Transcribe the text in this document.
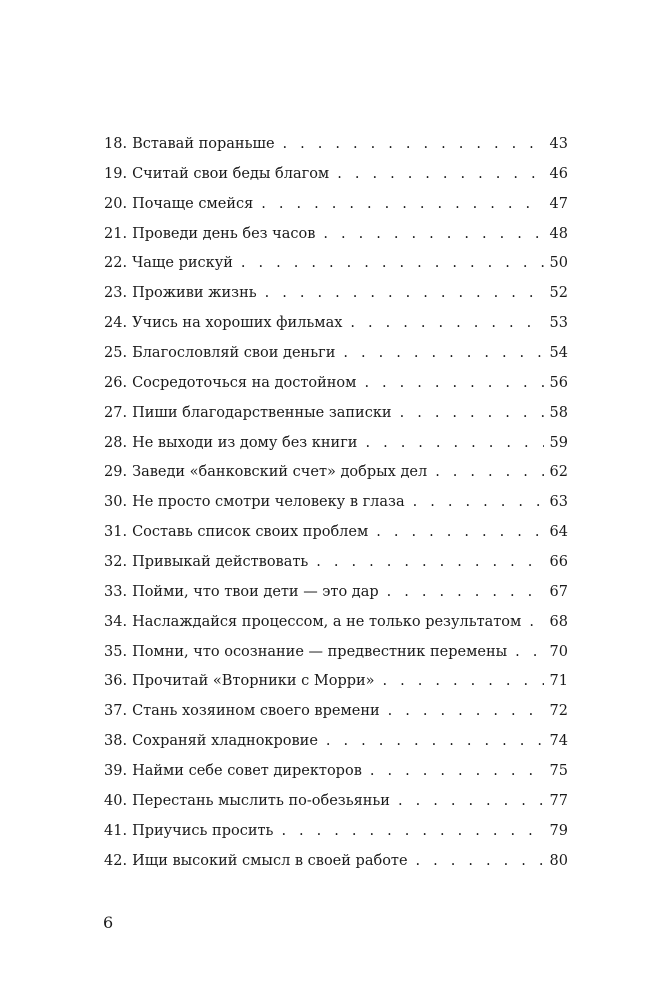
18. Вставай пораньше . . .	43
19. Считай свои беды благом . . .	46
20. Почаще смейся . . .	47
21. Проведи день без часов . . .	48
22. Чаще рискуй . . .	50
23. Проживи жизнь . . .	52
24. Учись на хороших фильмах . . .	53
25. Благословляй свои деньги . . .	54
26. Сосредоточься на достойном . . .	56
27. Пиши благодарственные записки . . .	58
28. Не выходи из дому без книги . . .	59
29. Заведи «банковский счет» добрых дел . . .	62
30. Не просто смотри человеку в глаза . . .	63
31. Составь список своих проблем . . .	64
32. Привыкай действовать . . .	66
33. Пойми, что твои дети — это дар . . .	67
34. Наслаждайся процессом, а не только результатом . . . 68
35. Помни, что осознание — предвестник перемены . . .	70
36. Прочитай «Вторники с Морри» . . .	71
37. Стань хозяином своего времени . . .	72
38. Сохраняй хладнокровие . . .	74
39. Найми себе совет директоров . . .	75
40. Перестань мыслить по-обезьяньи . . .	77
41. Приучись просить . . .	79
42. Ищи высокий смысл в своей работе . . .	80
6
